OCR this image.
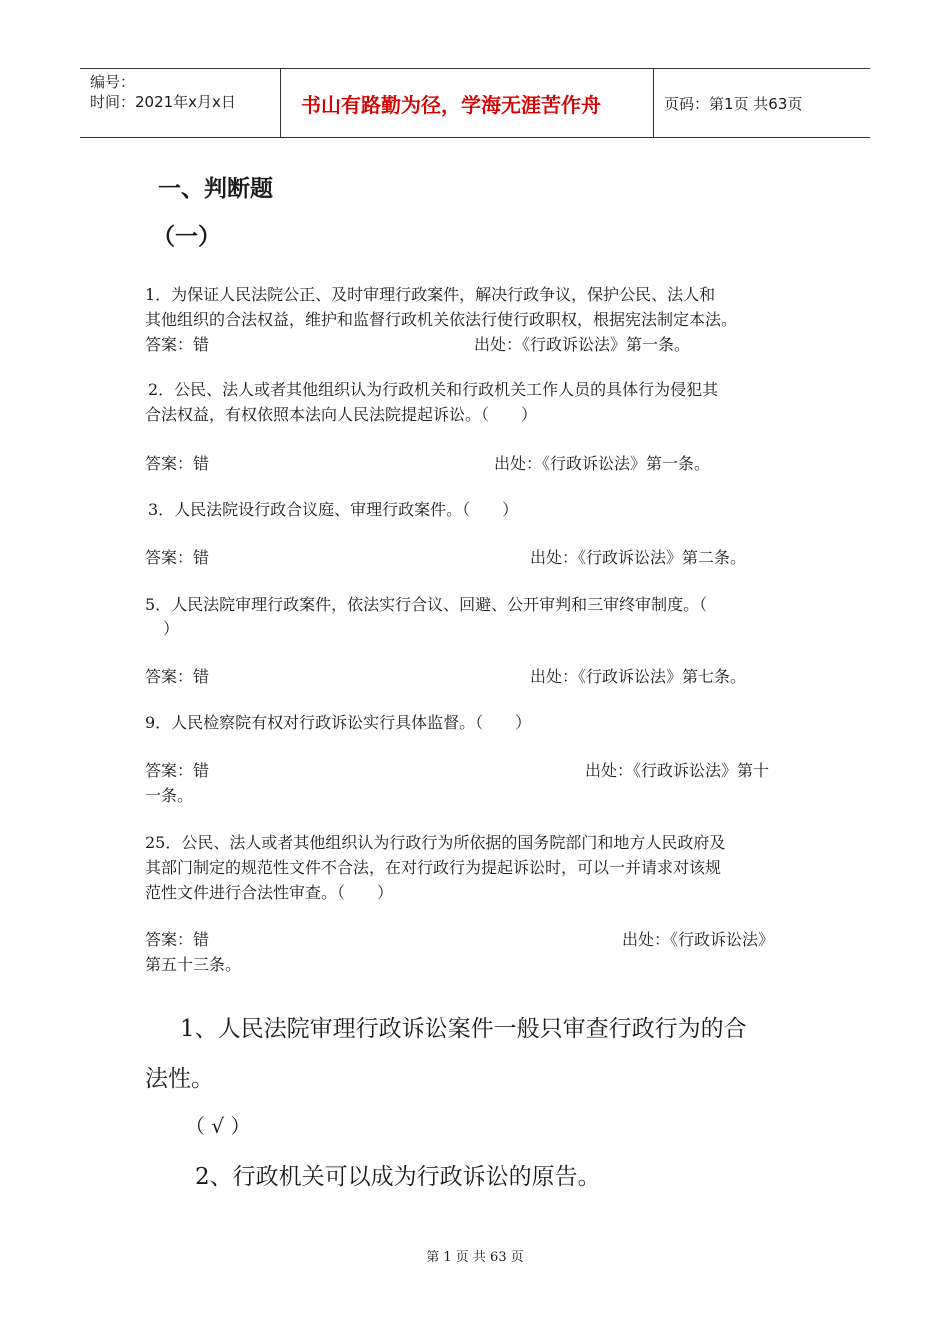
编号：
时间：2021年x月x日	书山有路勤为径，学海无涯苦作舟	页码：第1页 共63页
一、判断题
（一）
1．为保证人民法院公正、及时审理行政案件，解决行政争议，保护公民、法人和
其他组织的合法权益，维护和监督行政机关依法行使行政职权，根据宪法制定本法。
答案：错	出处：《行政诉讼法》第一条。
2．公民、法人或者其他组织认为行政机关和行政机关工作人员的具体行为侵犯其
合法权益，有权依照本法向人民法院提起诉讼。（　　）
答案：错	出处：《行政诉讼法》第一条。
3．人民法院设行政合议庭、审理行政案件。（　　）
答案：错	出处：《行政诉讼法》第二条。
5．人民法院审理行政案件，依法实行合议、回避、公开审判和三审终审制度。（
）
答案：错	出处：《行政诉讼法》第七条。
9．人民检察院有权对行政诉讼实行具体监督。（　　）
答案：错	出处：《行政诉讼法》第十
一条。
25．公民、法人或者其他组织认为行政行为所依据的国务院部门和地方人民政府及
其部门制定的规范性文件不合法，在对行政行为提起诉讼时，可以一并请求对该规
范性文件进行合法性审查。（　　）
答案：错	出处：《行政诉讼法》
第五十三条。
1、人民法院审理行政诉讼案件一般只审查行政行为的合
法性。
（ √ ）
2、行政机关可以成为行政诉讼的原告。
第 1 页 共 63 页
